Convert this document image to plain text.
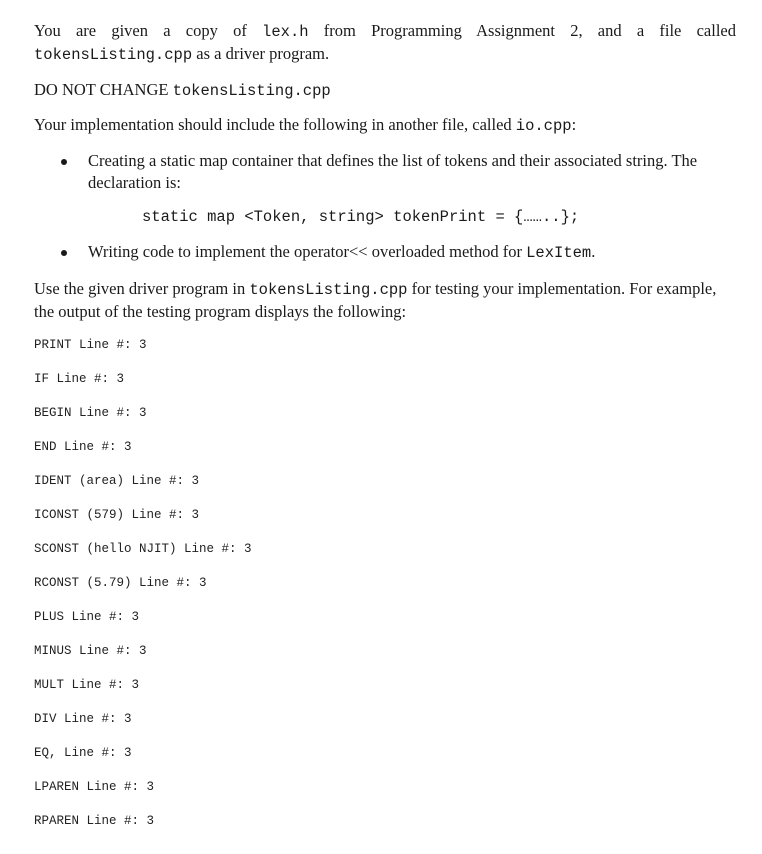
You are given a copy of lex.h from Programming Assignment 2, and a file called tokensListing.cpp as a driver program.

DO NOT CHANGE tokensListing.cpp

Your implementation should include the following in another file, called io.cpp:

Creating a static map container that defines the list of tokens and their associated string. The declaration is:
static map <Token, string> tokenPrint = {……..};
Writing code to implement the operator<< overloaded method for LexItem.

Use the given driver program in tokensListing.cpp for testing your implementation. For example, the output of the testing program displays the following:

PRINT Line #: 3
IF Line #: 3
BEGIN Line #: 3
END Line #: 3
IDENT (area) Line #: 3
ICONST (579) Line #: 3
SCONST (hello NJIT) Line #: 3
RCONST (5.79) Line #: 3
PLUS Line #: 3
MINUS Line #: 3
MULT Line #: 3
DIV Line #: 3
EQ, Line #: 3
LPAREN Line #: 3
RPAREN Line #: 3
